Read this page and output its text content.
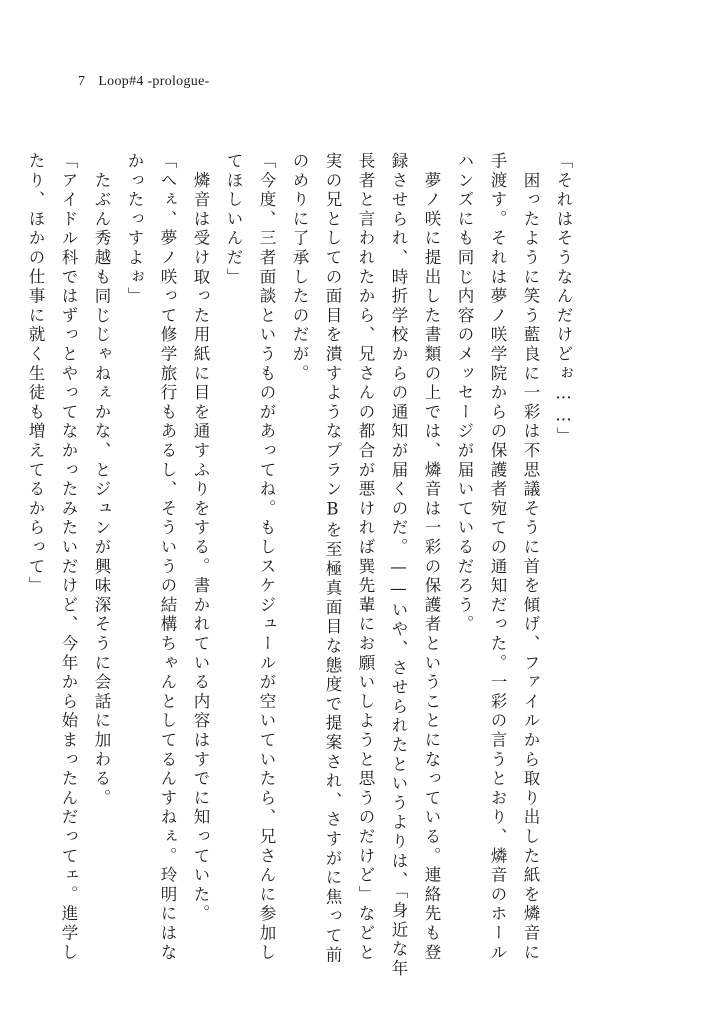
7 Loop#4 -prologue-

「それはそうなんだけどぉ……」

　困ったように笑う藍良に一彩は不思議そうに首を傾げ、ファイルから取り出した紙を燐音に

手渡す。それは夢ノ咲学院からの保護者宛ての通知だった。一彩の言うとおり、燐音のホール

ハンズにも同じ内容のメッセージが届いているだろう。

　夢ノ咲に提出した書類の上では、燐音は一彩の保護者ということになっている。連絡先も登

録させられ、時折学校からの通知が届くのだ。——いや、させられたというよりは、「身近な年

長者と言われたから、兄さんの都合が悪ければ巽先輩にお願いしようと思うのだけど」などと

実の兄としての面目を潰すようなプランBを至極真面目な態度で提案され、さすがに焦って前

のめりに了承したのだが。

「今度、三者面談というものがあってね。もしスケジュールが空いていたら、兄さんに参加し

てほしいんだ」

　燐音は受け取った用紙に目を通すふりをする。書かれている内容はすでに知っていた。

「へぇ、夢ノ咲って修学旅行もあるし、そういうの結構ちゃんとしてるんすねぇ。玲明にはな

かったっすよぉ」

　たぶん秀越も同じじゃねぇかな、とジュンが興味深そうに会話に加わる。

「アイドル科ではずっとやってなかったみたいだけど、今年から始まったんだってェ。進学し

たり、ほかの仕事に就く生徒も増えてるからって」
